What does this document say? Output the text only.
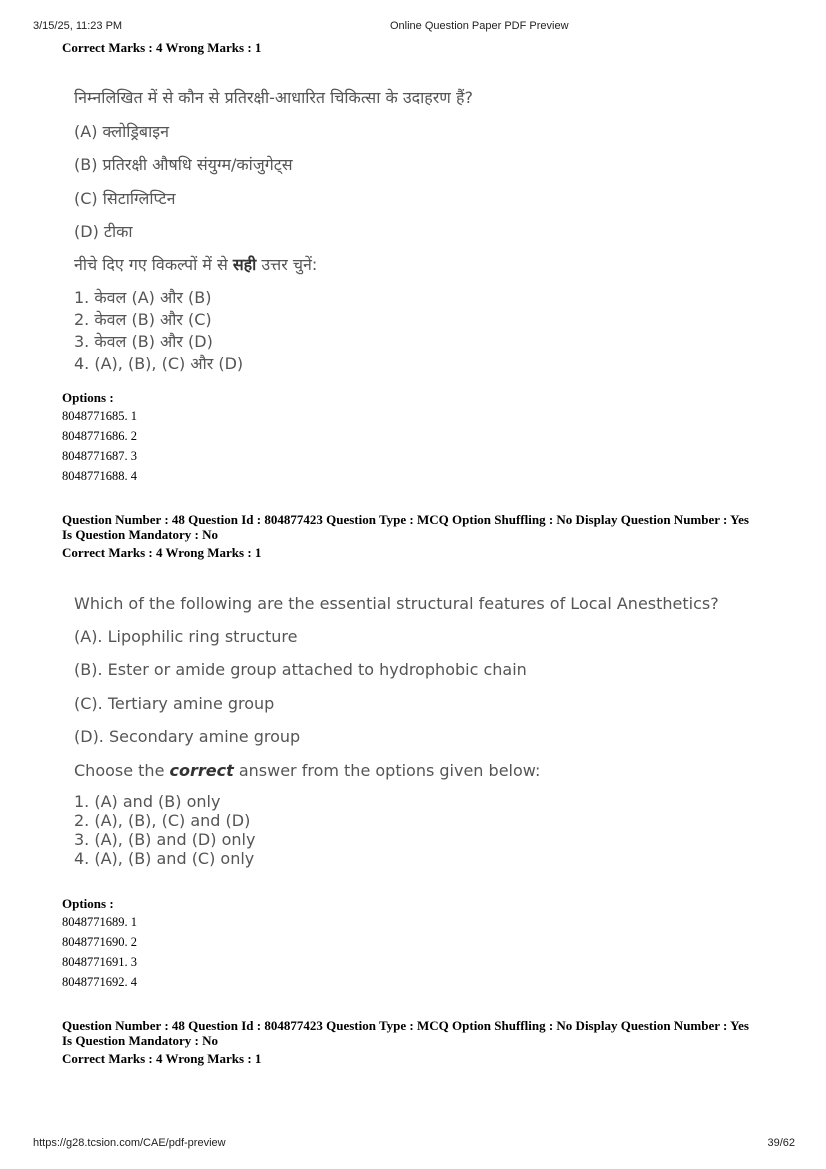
3/15/25, 11:23 PM	Online Question Paper PDF Preview
Correct Marks : 4 Wrong Marks : 1
निम्नलिखित में से कौन से प्रतिरक्षी-आधारित चिकित्सा के उदाहरण हैं?
(A) क्लोड्रिबाइन
(B) प्रतिरक्षी औषधि संयुग्म/कांजुगेट्स
(C) सिटाग्लिप्टिन
(D) टीका
नीचे दिए गए विकल्पों में से सही उत्तर चुनें:
1. केवल (A) और (B)
2. केवल (B) और (C)
3. केवल (B) और (D)
4. (A), (B), (C) और (D)
Options :
8048771685. 1
8048771686. 2
8048771687. 3
8048771688. 4
Question Number : 48 Question Id : 804877423 Question Type : MCQ Option Shuffling : No Display Question Number : Yes
Is Question Mandatory : No
Correct Marks : 4 Wrong Marks : 1
Which of the following are the essential structural features of Local Anesthetics?
(A). Lipophilic ring structure
(B). Ester or amide group attached to hydrophobic chain
(C). Tertiary amine group
(D). Secondary amine group
Choose the correct answer from the options given below:
1. (A) and (B) only
2. (A), (B), (C) and (D)
3. (A), (B) and (D) only
4. (A), (B) and (C) only
Options :
8048771689. 1
8048771690. 2
8048771691. 3
8048771692. 4
Question Number : 48 Question Id : 804877423 Question Type : MCQ Option Shuffling : No Display Question Number : Yes
Is Question Mandatory : No
Correct Marks : 4 Wrong Marks : 1
https://g28.tcsion.com/CAE/pdf-preview	39/62
